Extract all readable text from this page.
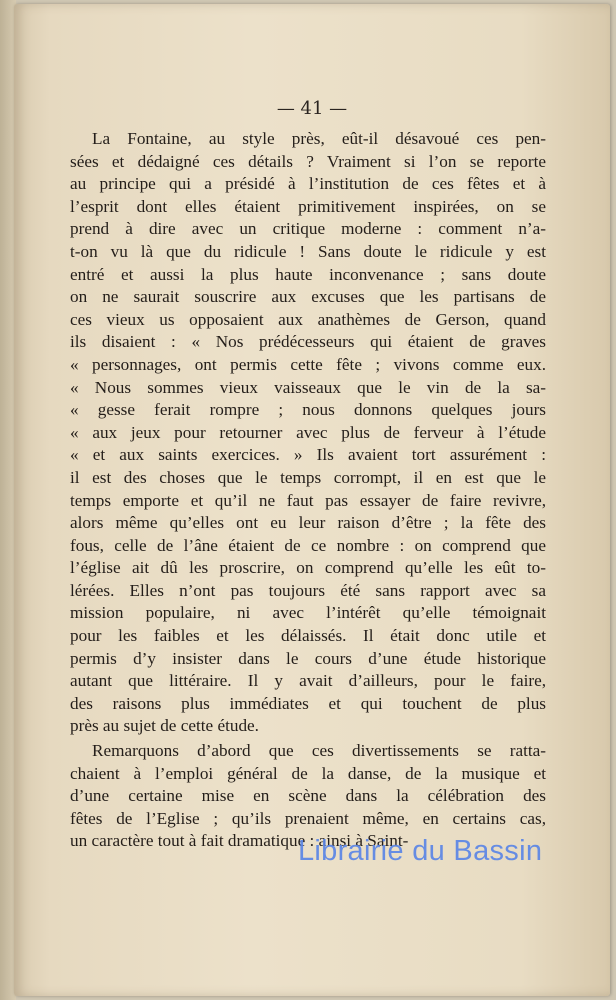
— 41 —
La Fontaine, au style près, eût-il désavoué ces pen-
sées et dédaigné ces détails ? Vraiment si l’on se reporte
au principe qui a présidé à l’institution de ces fêtes et à
l’esprit dont elles étaient primitivement inspirées, on se
prend à dire avec un critique moderne : comment n’a-
t-on vu là que du ridicule ! Sans doute le ridicule y est
entré et aussi la plus haute inconvenance ; sans doute
on ne saurait souscrire aux excuses que les partisans de
ces vieux us opposaient aux anathèmes de Gerson, quand
ils disaient : « Nos prédécesseurs qui étaient de graves
« personnages, ont permis cette fête ; vivons comme eux.
« Nous sommes vieux vaisseaux que le vin de la sa-
« gesse ferait rompre ; nous donnons quelques jours
« aux jeux pour retourner avec plus de ferveur à l’étude
« et aux saints exercices. » Ils avaient tort assurément :
il est des choses que le temps corrompt, il en est que le
temps emporte et qu’il ne faut pas essayer de faire revivre,
alors même qu’elles ont eu leur raison d’être ; la fête des
fous, celle de l’âne étaient de ce nombre : on comprend que
l’église ait dû les proscrire, on comprend qu’elle les eût to-
lérées. Elles n’ont pas toujours été sans rapport avec sa
mission populaire, ni avec l’intérêt qu’elle témoignait
pour les faibles et les délaissés. Il était donc utile et
permis d’y insister dans le cours d’une étude historique
autant que littéraire. Il y avait d’ailleurs, pour le faire,
des raisons plus immédiates et qui touchent de plus
près au sujet de cette étude.
Remarquons d’abord que ces divertissements se ratta-
chaient à l’emploi général de la danse, de la musique et
d’une certaine mise en scène dans la célébration des
fêtes de l’Eglise ; qu’ils prenaient même, en certains cas,
un caractère tout à fait dramatique : ainsi à Saint-
Librairie du Bassin
